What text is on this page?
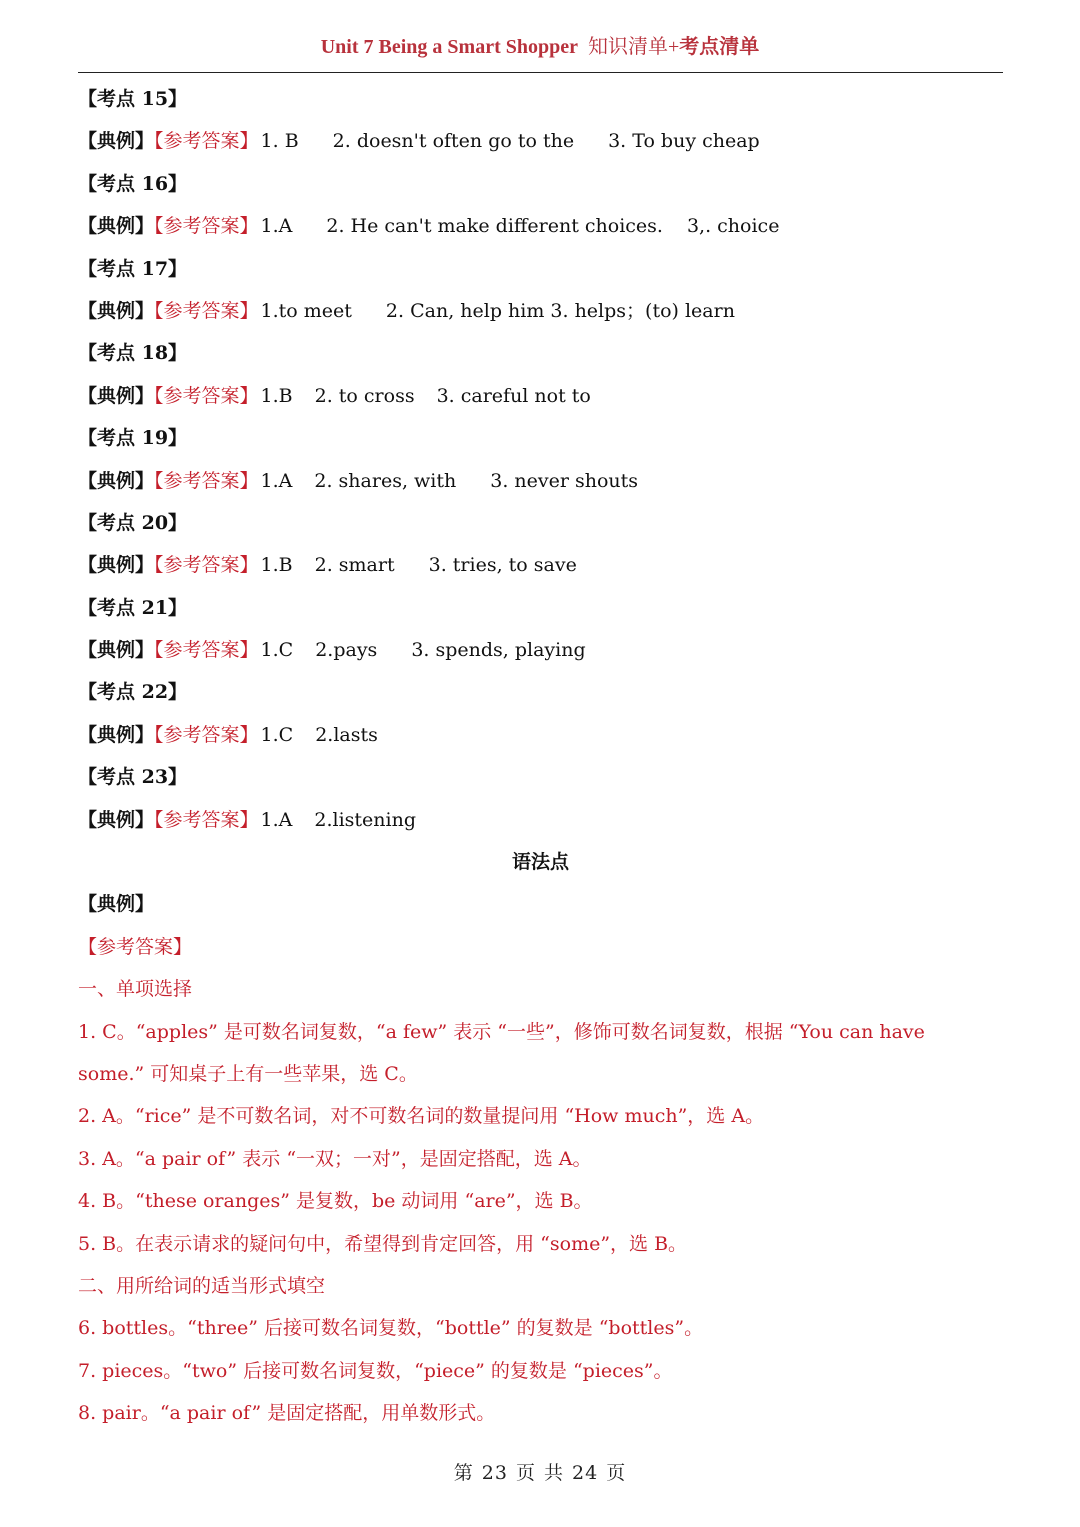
Unit 7 Being a Smart Shopper 知识清单+考点清单
【考点 15】
【典例】【参考答案】 1. B 2. doesn't often go to the 3. To buy cheap
【考点 16】
【典例】【参考答案】 1.A 2. He can't make different choices. 3,. choice
【考点 17】
【典例】【参考答案】 1.to meet 2. Can, help him 3. helps；(to) learn
【考点 18】
【典例】【参考答案】 1.B 2. to cross 3. careful not to
【考点 19】
【典例】【参考答案】 1.A 2. shares, with 3. never shouts
【考点 20】
【典例】【参考答案】 1.B 2. smart 3. tries, to save
【考点 21】
【典例】【参考答案】 1.C 2.pays 3. spends, playing
【考点 22】
【典例】【参考答案】 1.C 2.lasts
【考点 23】
【典例】【参考答案】 1.A 2.listening
语法点
【典例】
【参考答案】
一、单项选择
1. C。“apples” 是可数名词复数，“a few” 表示 “一些”，修饰可数名词复数，根据 “You can have
some.” 可知桌子上有一些苹果，选 C。
2. A。“rice” 是不可数名词，对不可数名词的数量提问用 “How much”，选 A。
3. A。“a pair of” 表示 “一双；一对”，是固定搭配，选 A。
4. B。“these oranges” 是复数，be 动词用 “are”，选 B。
5. B。在表示请求的疑问句中，希望得到肯定回答，用 “some”，选 B。
二、用所给词的适当形式填空
6. bottles。“three” 后接可数名词复数，“bottle” 的复数是 “bottles”。
7. pieces。“two” 后接可数名词复数，“piece” 的复数是 “pieces”。
8. pair。“a pair of” 是固定搭配，用单数形式。
第 23 页 共 24 页
